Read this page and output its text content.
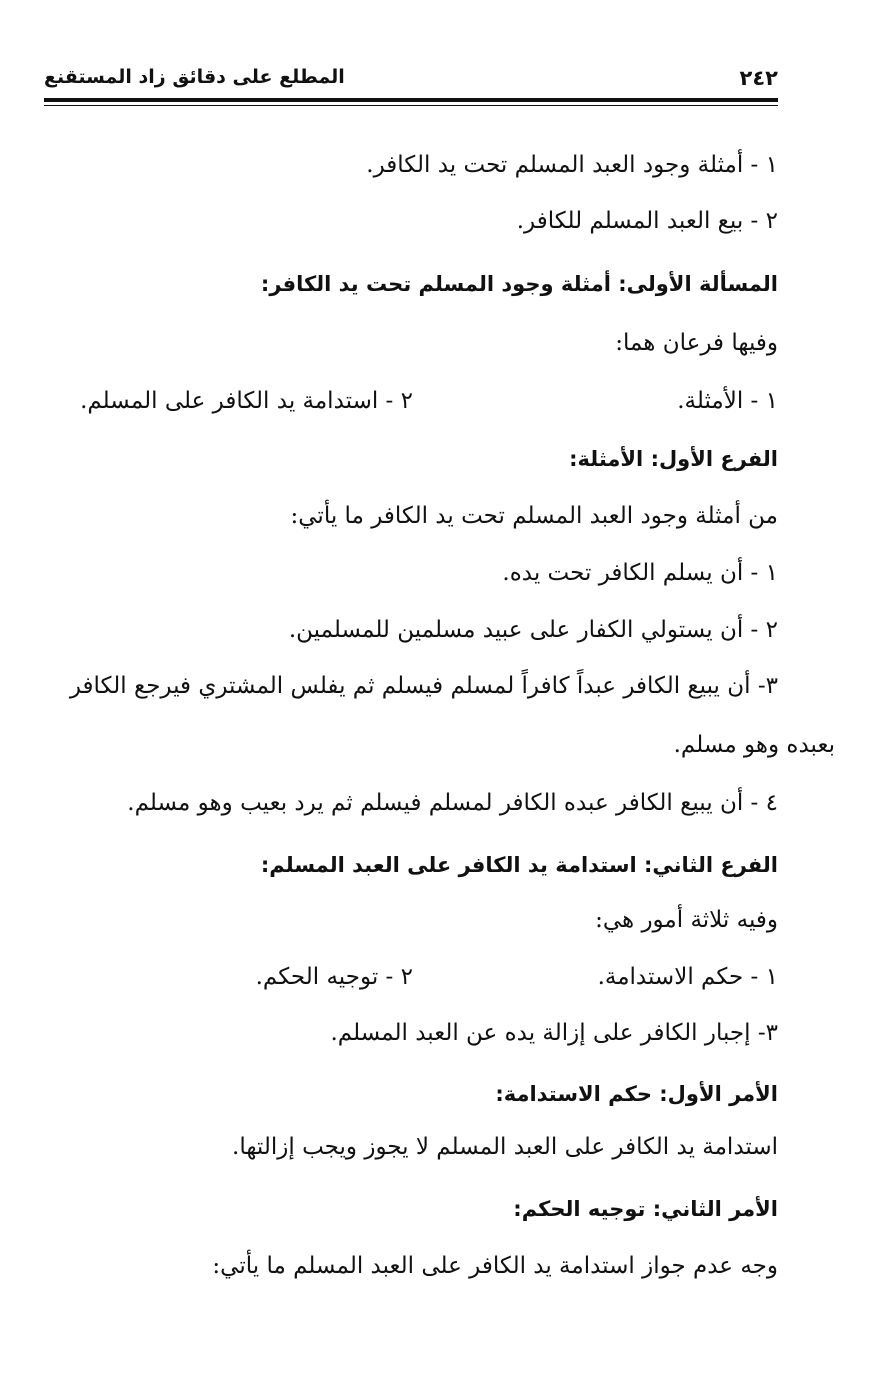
٢٤٢
المطلع على دقائق زاد المستقنع
١ - أمثلة وجود العبد المسلم تحت يد الكافر.
٢ - بيع العبد المسلم للكافر.
المسألة الأولى: أمثلة وجود المسلم تحت يد الكافر:
وفيها فرعان هما:
١ - الأمثلة.
٢ - استدامة يد الكافر على المسلم.
الفرع الأول: الأمثلة:
من أمثلة وجود العبد المسلم تحت يد الكافر ما يأتي:
١ - أن يسلم الكافر تحت يده.
٢ - أن يستولي الكفار على عبيد مسلمين للمسلمين.
٣- أن يبيع الكافر عبداً كافراً لمسلم فيسلم ثم يفلس المشتري فيرجع الكافر
بعبده وهو مسلم.
٤ - أن يبيع الكافر عبده الكافر لمسلم فيسلم ثم يرد بعيب وهو مسلم.
الفرع الثاني: استدامة يد الكافر على العبد المسلم:
وفيه ثلاثة أمور هي:
١ - حكم الاستدامة.
٢ - توجيه الحكم.
٣- إجبار الكافر على إزالة يده عن العبد المسلم.
الأمر الأول: حكم الاستدامة:
استدامة يد الكافر على العبد المسلم لا يجوز ويجب إزالتها.
الأمر الثاني: توجيه الحكم:
وجه عدم جواز استدامة يد الكافر على العبد المسلم ما يأتي:
